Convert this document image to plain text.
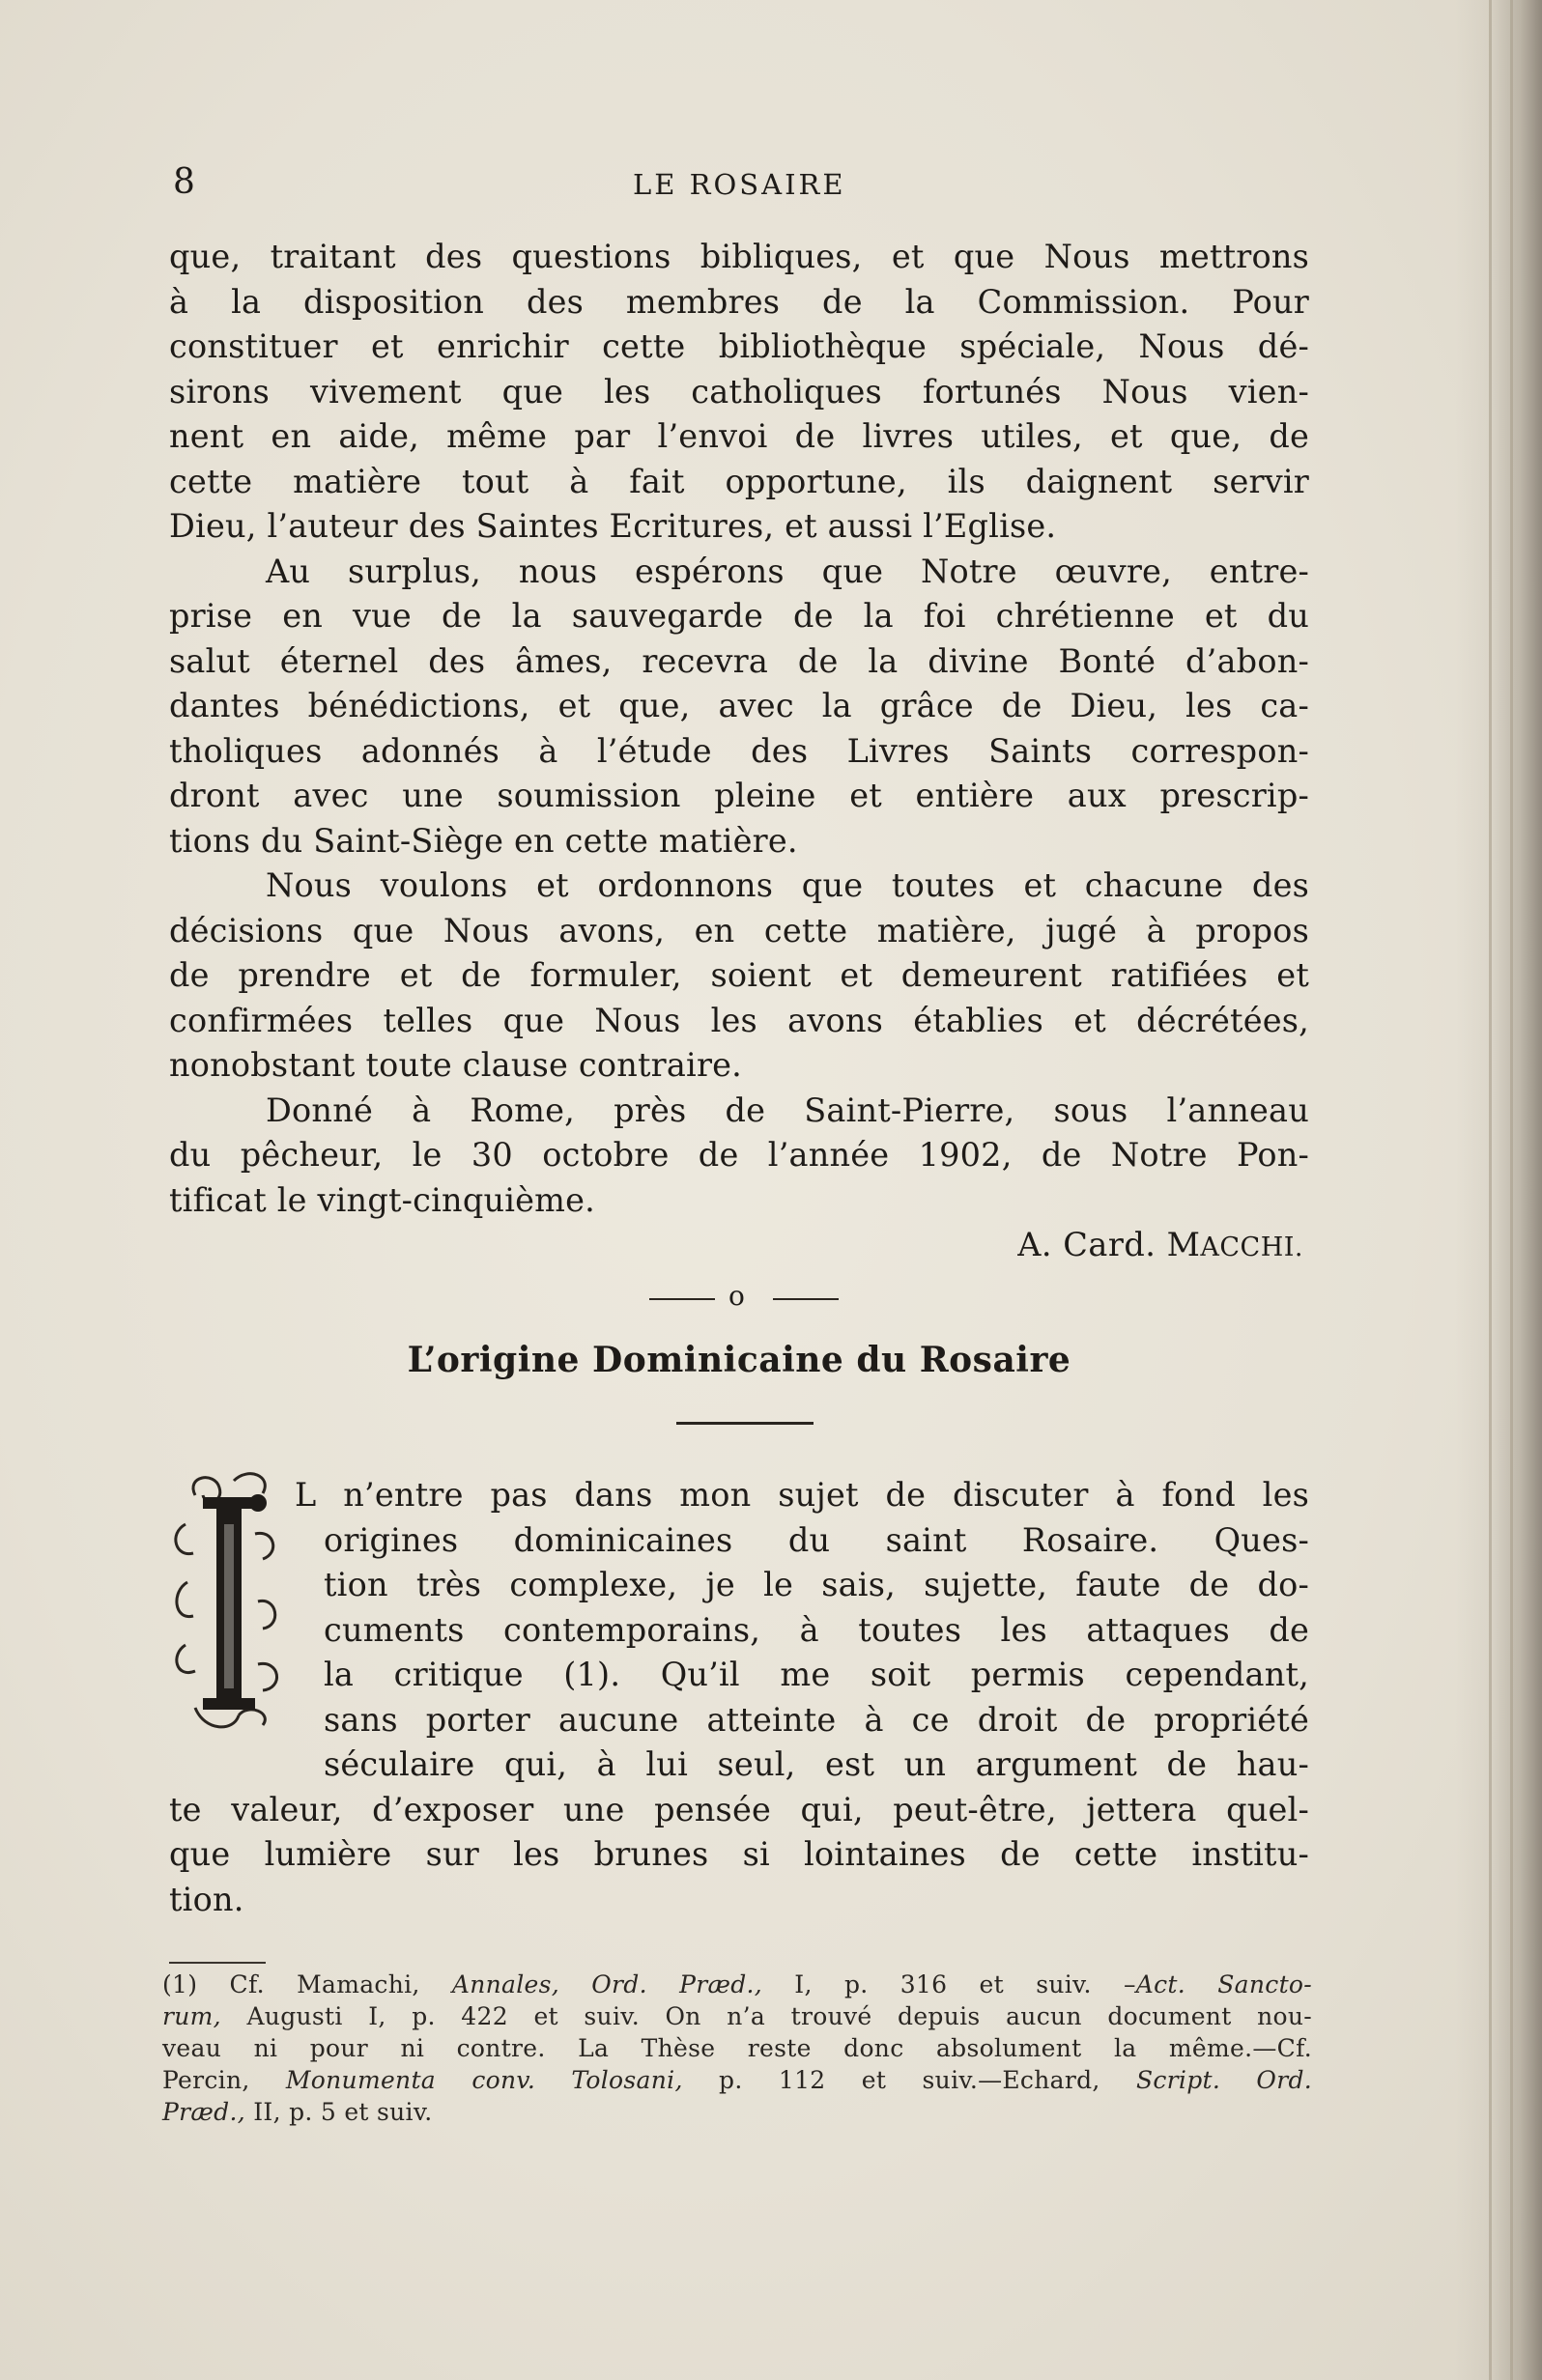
8	LE ROSAIRE
que, traitant des questions bibliques, et que Nous mettrons
à la disposition des membres de la Commission. Pour
constituer et enrichir cette bibliothèque spéciale, Nous dé-
sirons vivement que les catholiques fortunés Nous vien-
nent en aide, même par l’envoi de livres utiles, et que, de
cette matière tout à fait opportune, ils daignent servir
Dieu, l’auteur des Saintes Ecritures, et aussi l’Eglise.
Au surplus, nous espérons que Notre œuvre, entre-
prise en vue de la sauvegarde de la foi chrétienne et du
salut éternel des âmes, recevra de la divine Bonté d’abon-
dantes bénédictions, et que, avec la grâce de Dieu, les ca-
tholiques adonnés à l’étude des Livres Saints correspon-
dront avec une soumission pleine et entière aux prescrip-
tions du Saint-Siège en cette matière.
Nous voulons et ordonnons que toutes et chacune des
décisions que Nous avons, en cette matière, jugé à propos
de prendre et de formuler, soient et demeurent ratifiées et
confirmées telles que Nous les avons établies et décrétées,
nonobstant toute clause contraire.
Donné à Rome, près de Saint-Pierre, sous l’anneau
du pêcheur, le 30 octobre de l’année 1902, de Notre Pon-
tificat le vingt-cinquième.
A. Card. MACCHI.
o
L’origine Dominicaine du Rosaire
L n’entre pas dans mon sujet de discuter à fond les
origines dominicaines du saint Rosaire. Ques-
tion très complexe, je le sais, sujette, faute de do-
cuments contemporains, à toutes les attaques de
la critique (1). Qu’il me soit permis cependant,
sans porter aucune atteinte à ce droit de propriété
séculaire qui, à lui seul, est un argument de hau-
te valeur, d’exposer une pensée qui, peut-être, jettera quel-
que lumière sur les brunes si lointaines de cette institu-
tion.
(1) Cf. Mamachi, Annales, Ord. Præd., I, p. 316 et suiv. –Act. Sancto-
rum, Augusti I, p. 422 et suiv. On n’a trouvé depuis aucun document nou-
veau ni pour ni contre. La Thèse reste donc absolument la même.—Cf.
Percin, Monumenta conv. Tolosani, p. 112 et suiv.—Echard, Script. Ord.
Præd., II, p. 5 et suiv.
